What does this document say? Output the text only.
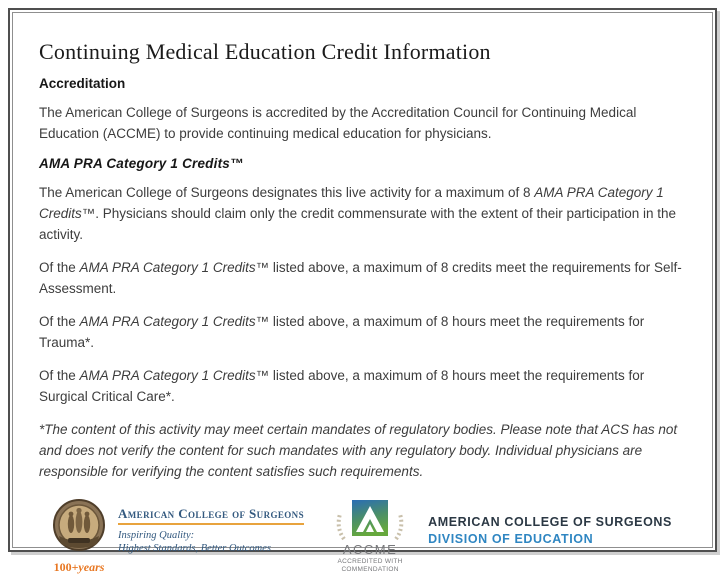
Continuing Medical Education Credit Information
Accreditation

The American College of Surgeons is accredited by the Accreditation Council for Continuing Medical Education (ACCME) to provide continuing medical education for physicians.

AMA PRA Category 1 Credits™

The American College of Surgeons designates this live activity for a maximum of 8 AMA PRA Category 1 Credits™. Physicians should claim only the credit commensurate with the extent of their participation in the activity.

Of the AMA PRA Category 1 Credits™ listed above, a maximum of 8 credits meet the requirements for Self-Assessment.

Of the AMA PRA Category 1 Credits™ listed above, a maximum of 8 hours meet the requirements for Trauma*.

Of the AMA PRA Category 1 Credits™ listed above, a maximum of 8 hours meet the requirements for Surgical Critical Care*.

*The content of this activity may meet certain mandates of regulatory bodies. Please note that ACS has not and does not verify the content for such mandates with any regulatory body. Individual physicians are responsible for verifying the content satisfies such requirements.

100+years
American College of Surgeons
Inspiring Quality:
Highest Standards, Better Outcomes	ACCME
ACCREDITED WITH
COMMENDATION
AMERICAN COLLEGE OF SURGEONS
DIVISION OF EDUCATION
